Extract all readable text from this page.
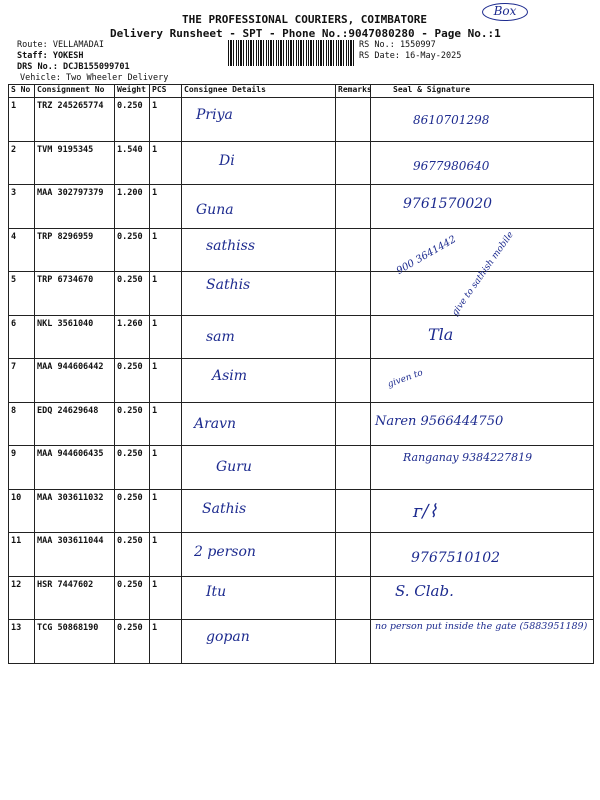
THE PROFESSIONAL COURIERS, COIMBATORE
Delivery Runsheet - SPT - Phone No.:9047080280 - Page No.:1
Box
Route: VELLAMADAI
Staff: YOKESH
DRS No.: DCJB155099701
Vehicle: Two Wheeler Delivery
RS No.: 1550997
RS Date: 16-May-2025
S No	Consignment No	Weight	PCS	Consignee Details	Remarks	Seal & Signature
1	TRZ 245265774	0.250	1	Priya		8610701298
2	TVM 9195345	1.540	1	Di		9677980640
3	MAA 302797379	1.200	1	Guna		9761570020
4	TRP 8296959	0.250	1	sathiss		900 3641442
5	TRP 6734670	0.250	1	Sathis		give to sathish mobile
6	NKL 3561040	1.260	1	sam		Tla
7	MAA 944606442	0.250	1	Asim		given to
8	EDQ 24629648	0.250	1	Aravn		Naren 9566444750
9	MAA 944606435	0.250	1	Guru		Ranganay 9384227819
10	MAA 303611032	0.250	1	Sathis		ᴦ∕⌇
11	MAA 303611044	0.250	1	2 person		9767510102
12	HSR 7447602	0.250	1	Itu		S. Clab.
13	TCG 50868190	0.250	1	gopan		no person put inside the gate (5883951189)
